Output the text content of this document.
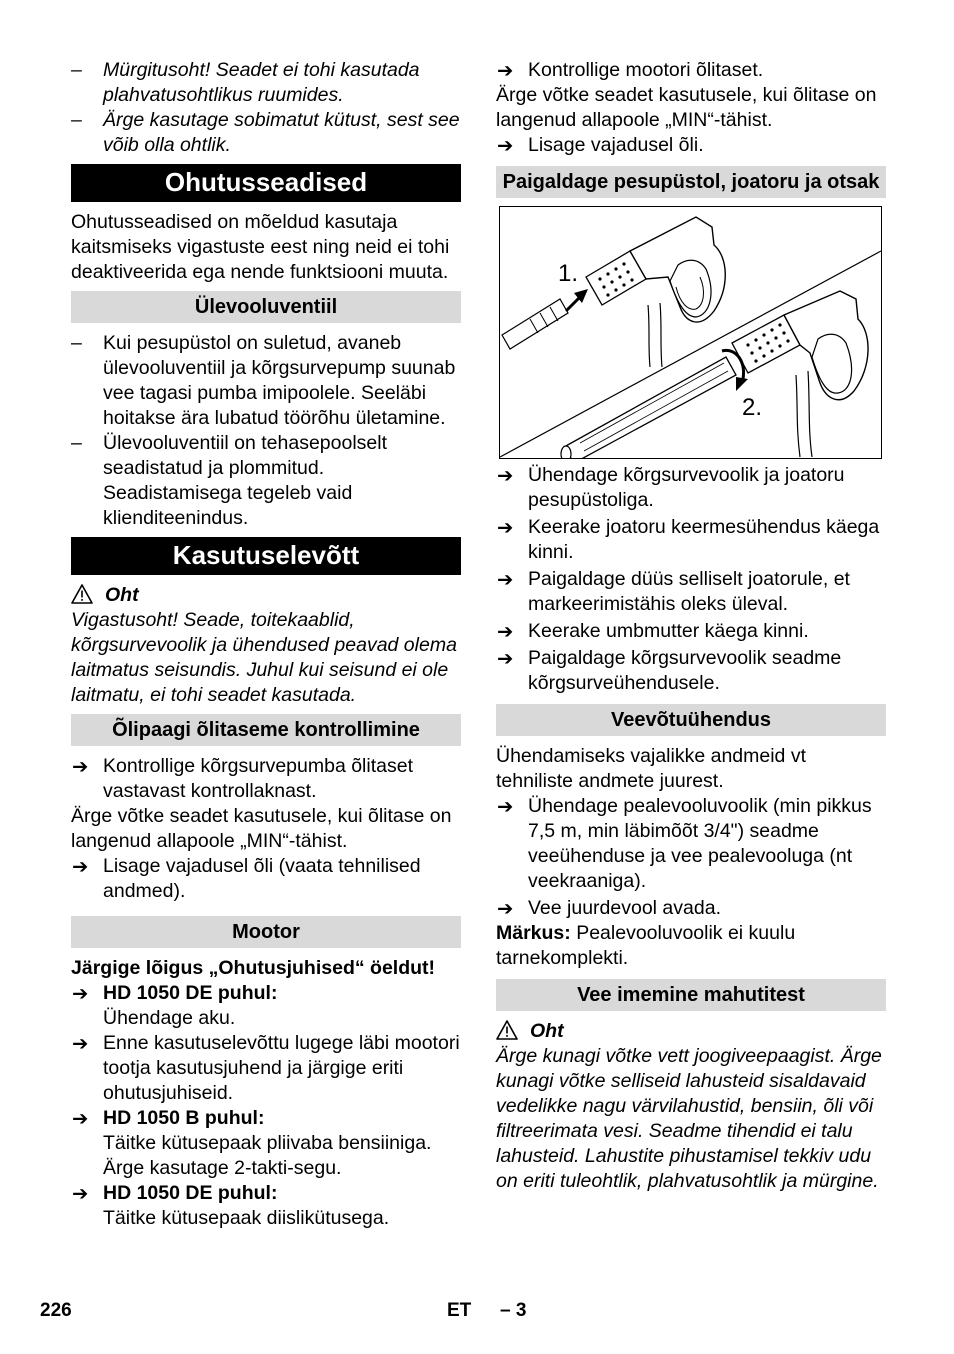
– Mürgitusoht! Seadet ei tohi kasutada plahvatusohtlikus ruumides.
– Ärge kasutage sobimatut kütust, sest see võib olla ohtlik.
Ohutusseadised

Ohutusseadised on mõeldud kasutaja kaitsmiseks vigastuste eest ning neid ei tohi deaktiveerida ega nende funktsiooni muuta.

Ülevooluventiil
– Kui pesupüstol on suletud, avaneb ülevooluventiil ja kõrgsurvepump suunab vee tagasi pumba imipoolele. Seeläbi hoitakse ära lubatud töörõhu ületamine.
– Ülevooluventiil on tehasepoolselt seadistatud ja plommitud. Seadistamisega tegeleb vaid klienditeenindus.
Kasutuselevõtt
Oht

Vigastusoht! Seade, toitekaablid, kõrgsurvevoolik ja ühendused peavad olema laitmatus seisundis. Juhul kui seisund ei ole laitmatu, ei tohi seadet kasutada.

Õlipaagi õlitaseme kontrollimine
➔ Kontrollige kõrgsurvepumba õlitaset vastavast kontrollaknast.

Ärge võtke seadet kasutusele, kui õlitase on langenud allapoole „MIN“-tähist.

➔ Lisage vajadusel õli (vaata tehnilised andmed).
Mootor

Järgige lõigus „Ohutusjuhised“ öeldut!

➔ HD 1050 DE puhul:

Ühendage aku.

➔ Enne kasutuselevõttu lugege läbi mootori tootja kasutusjuhend ja järgige eriti ohutusjuhiseid.
➔ HD 1050 B puhul:

Täitke kütusepaak pliivaba bensiiniga.

Ärge kasutage 2-takti-segu.

➔ HD 1050 DE puhul:

Täitke kütusepaak diislikütusega.

➔ Kontrollige mootori õlitaset.

Ärge võtke seadet kasutusele, kui õlitase on langenud allapoole „MIN“-tähist.

➔ Lisage vajadusel õli.
Paigaldage pesupüstol, joatoru ja otsak
1.
2.
➔ Ühendage kõrgsurvevoolik ja joatoru pesupüstoliga.
➔ Keerake joatoru keermesühendus käega kinni.
➔ Paigaldage düüs selliselt joatorule, et markeerimistähis oleks üleval.
➔ Keerake umbmutter käega kinni.
➔ Paigaldage kõrgsurvevoolik seadme kõrgsurveühendusele.
Veevõtuühendus

Ühendamiseks vajalikke andmeid vt tehniliste andmete juurest.

➔ Ühendage pealevooluvoolik (min pikkus 7,5 m, min läbimõõt 3/4") seadme veeühenduse ja vee pealevooluga (nt veekraaniga).
➔ Vee juurdevool avada.

Märkus: Pealevooluvoolik ei kuulu tarnekomplekti.

Vee imemine mahutitest
Oht

Ärge kunagi võtke vett joogiveepaagist. Ärge kunagi võtke selliseid lahusteid sisaldavaid vedelikke nagu värvilahustid, bensiin, õli või filtreerimata vesi. Seadme tihendid ei talu lahusteid. Lahustite pihustamisel tekkiv udu on eriti tuleohtlik, plahvatusohtlik ja mürgine.

226	ET – 3
